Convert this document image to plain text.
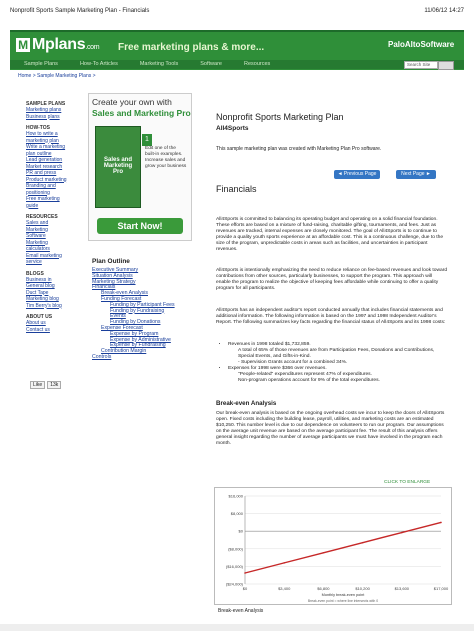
Nonprofit Sports Sample Marketing Plan - Financials	11/06/12 14:27
M Mplans.com Free marketing plans & more...	PaloAltoSoftware
Sample Plans	How-To Articles	Marketing Tools	Software	Resources	Search Site
Home > Sample Marketing Plans >
SAMPLE PLANS
Marketing plans
Business plans
HOW-TOS
How to write a
marketing plan
Write a marketing
plan outline
Lead generation
Market research
PR and press
Product marketing
Branding and
positioning
Free marketing
guide
RESOURCES
Sales and
Marketing
Software
Marketing
calculators
Email marketing
service
BLOGS
Business in
General blog
Duct Tape
Marketing blog
Tim Berry's blog
ABOUT US
About us
Contact us
Like 13k
Create your own with
Sales and Marketing Pro
Sales and Marketing Pro
1
Edit one of the built-in examples. Increase sales and grow your business
Start Now!
Plan Outline
Executive Summary
Situation Analysis
Marketing Strategy
Financials
Break-even Analysis
Funding Forecast
Funding by Participant Fees
Funding by Fundraising
Events
Funding by Donations
Expense Forecast
Expense by Program
Expense by Administrative
Expense by Fundraising
Contribution Margin
Controls
Nonprofit Sports Marketing Plan
All4Sports
This sample marketing plan was created with Marketing Plan Pro software.
◄ Previous Page	Next Page ►
Financials
All4Sports is committed to balancing its operating budget and operating on a solid financial foundation. These efforts are based on a mixture of fund-raising, charitable gifting, tournaments, and fees. Just as revenues are tracked, internal expenses are closely monitored. The goal of All4Sports is to continue to provide a quality youth sports experience at an affordable cost. This is a continuous challenge, due to the size of the program, unpredictable costs in areas such as facilities, and uncertainties in participant revenues.
All4Sports is intentionally emphasizing the need to reduce reliance on fee-based revenues and look toward contributions from other sources, particularly businesses, to support the program. This approach will enable the program to realize the objective of keeping fees affordable while continuing to offer a quality program for all participants.
All4Sports has an independent auditor's report conducted annually that includes financial statements and additional information. The following information is based on the 1997 and 1998 Independent Auditor's Report. The following summarizes key facts regarding the financial status of All4Sports and its 1998 costs:
• Revenues in 1998 totaled $1,732,859.
A total of 65% of those revenues are from Participation Fees, Donations and Contributions, Special Events, and Gifts-in-Kind.
- Supervision Grants account for a combined 34%.
• Expenses for 1998 were $366 over revenues.
"People-related" expenditures represent 47% of expenditures.
Non-program operations account for 9% of the total expenditures.
Break-even Analysis
Our break-even analysis is based on the ongoing overhead costs we incur to keep the doors of All4Sports open. Fixed costs including the building lease, payroll, utilities, and marketing costs are an estimated $10,250. This number level is due to our dependence on volunteers to run our program. Our assumptions on the average unit revenue are based on the average participant fee. The result of this analysis offers general insight regarding the number of average participants we must have involved in the program each month.
CLICK TO ENLARGE
$16,000
$8,000
$0
($8,000)
($16,000)
($24,000)
$0	$3,400	$6,800	$10,200	$13,600	$17,000
Monthly break-even point
Break-even point = where line intersects with 0
Break-even Analysis
